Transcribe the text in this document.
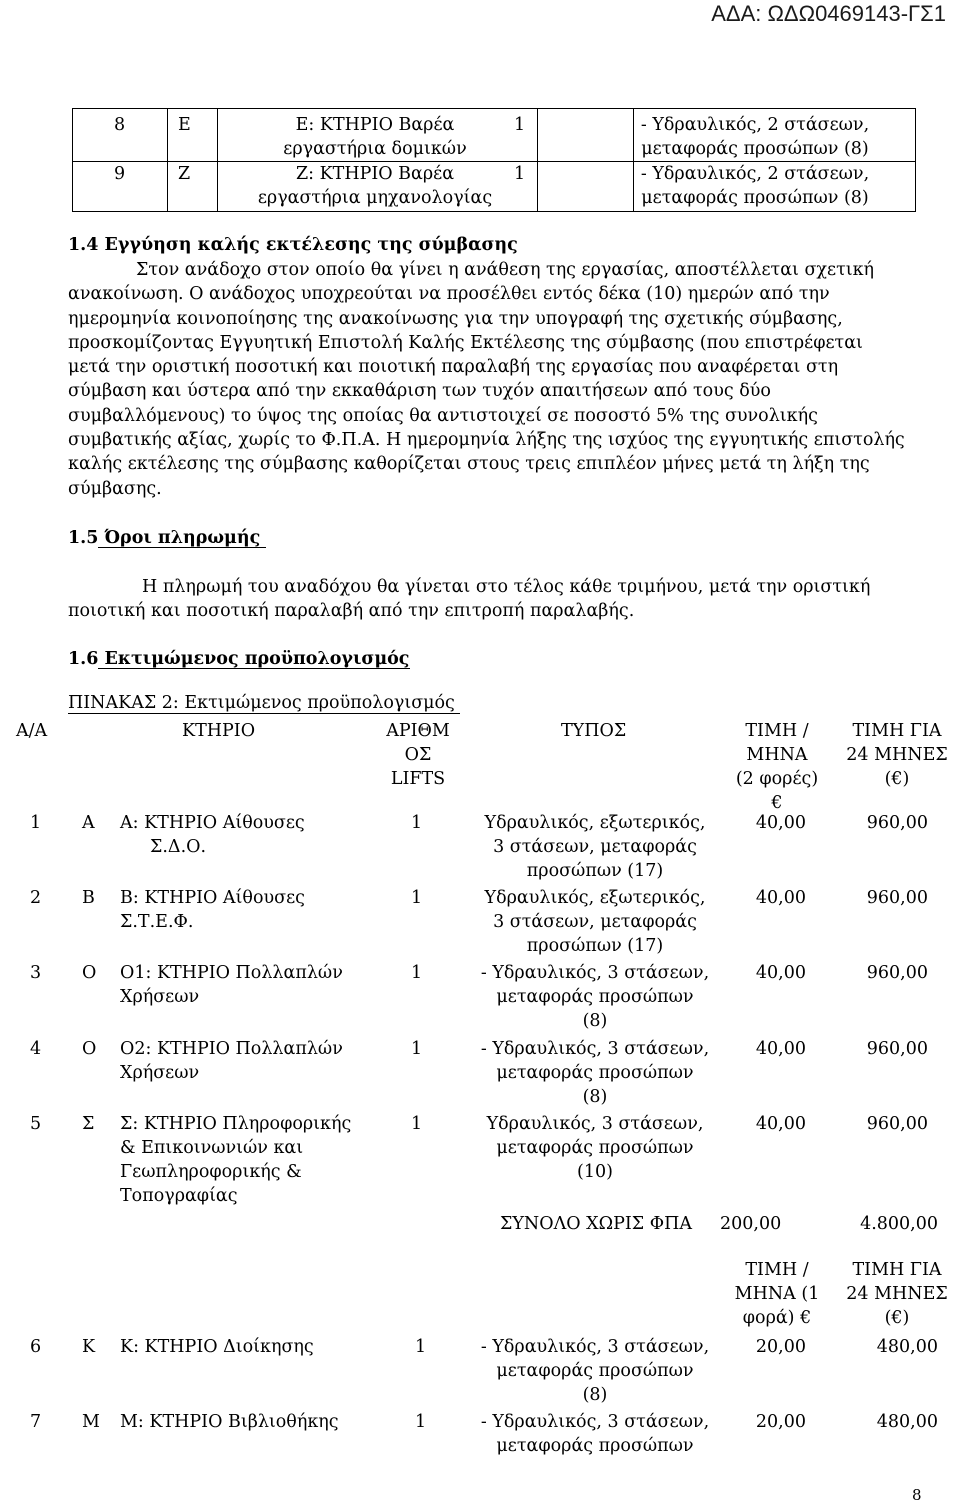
ΑΔΑ: ΩΔΩ0469143-ΓΣ1
8	Ε	Ε: ΚΤΗΡΙΟ Βαρέα
εργαστήρια δομικών
1	- Υδραυλικός, 2 στάσεων,
μεταφοράς προσώπων (8)
9	Ζ	Ζ: ΚΤΗΡΙΟ Βαρέα
εργαστήρια μηχανολογίας
1	- Υδραυλικός, 2 στάσεων,
μεταφοράς προσώπων (8)
1.4 Εγγύηση καλής εκτέλεσης της σύμβασης
Στον ανάδοχο στον οποίο θα γίνει η ανάθεση της εργασίας, αποστέλλεται σχετική
ανακοίνωση. Ο ανάδοχος υποχρεούται να προσέλθει εντός δέκα (10) ημερών από την
ημερομηνία κοινοποίησης της ανακοίνωσης για την υπογραφή της σχετικής σύμβασης,
προσκομίζοντας Εγγυητική Επιστολή Καλής Εκτέλεσης της σύμβασης (που επιστρέφεται
μετά την οριστική ποσοτική και ποιοτική παραλαβή της εργασίας που αναφέρεται στη
σύμβαση και ύστερα από την εκκαθάριση των τυχόν απαιτήσεων από τους δύο
συμβαλλόμενους) το ύψος της οποίας θα αντιστοιχεί σε ποσοστό 5% της συνολικής
συμβατικής αξίας, χωρίς το Φ.Π.Α. Η ημερομηνία λήξης της ισχύος της εγγυητικής επιστολής
καλής εκτέλεσης της σύμβασης καθορίζεται στους τρεις επιπλέον μήνες μετά τη λήξη της
σύμβασης.
1.5 Όροι πληρωμής
Η πληρωμή του αναδόχου θα γίνεται στο τέλος κάθε τριμήνου, μετά την οριστική
ποιοτική και ποσοτική παραλαβή από την επιτροπή παραλαβής.
1.6 Εκτιμώμενος προϋπολογισμός
ΠΙΝΑΚΑΣ 2: Εκτιμώμενος προϋπολογισμός
Α/Α	ΚΤΗΡΙΟ	ΑΡΙΘΜ
ΟΣ
LIFTS
ΤΥΠΟΣ	ΤΙΜΗ /
ΜΗΝΑ
(2 φορές)
€
ΤΙΜΗ ΓΙΑ
24 ΜΗΝΕΣ
(€)
1 Α Α: ΚΤΗΡΙΟ Αίθουσες
Σ.Δ.Ο.
1	Υδραυλικός, εξωτερικός,
3 στάσεων, μεταφοράς
προσώπων (17)
40,00	960,00
2 Β Β: ΚΤΗΡΙΟ Αίθουσες
Σ.Τ.Ε.Φ.
1	Υδραυλικός, εξωτερικός,
3 στάσεων, μεταφοράς
προσώπων (17)
40,00	960,00
3 Ο Ο1: ΚΤΗΡΙΟ Πολλαπλών
Χρήσεων
1	- Υδραυλικός, 3 στάσεων,
μεταφοράς προσώπων
(8)
40,00	960,00
4 Ο Ο2: ΚΤΗΡΙΟ Πολλαπλών
Χρήσεων
1	- Υδραυλικός, 3 στάσεων,
μεταφοράς προσώπων
(8)
40,00	960,00
5 Σ Σ: ΚΤΗΡΙΟ Πληροφορικής
& Επικοινωνιών και
Γεωπληροφορικής &
Τοπογραφίας
1	Υδραυλικός, 3 στάσεων,
μεταφοράς προσώπων
(10)
40,00	960,00
ΣΥΝΟΛΟ ΧΩΡΙΣ ΦΠΑ 200,00	4.800,00
ΤΙΜΗ /
ΜΗΝΑ (1
φορά) €
ΤΙΜΗ ΓΙΑ
24 ΜΗΝΕΣ
(€)
6 Κ Κ: ΚΤΗΡΙΟ Διοίκησης	1	- Υδραυλικός, 3 στάσεων,
μεταφοράς προσώπων
(8)
20,00	480,00
7 Μ Μ: ΚΤΗΡΙΟ Βιβλιοθήκης	1	- Υδραυλικός, 3 στάσεων,
μεταφοράς προσώπων
20,00	480,00
8
